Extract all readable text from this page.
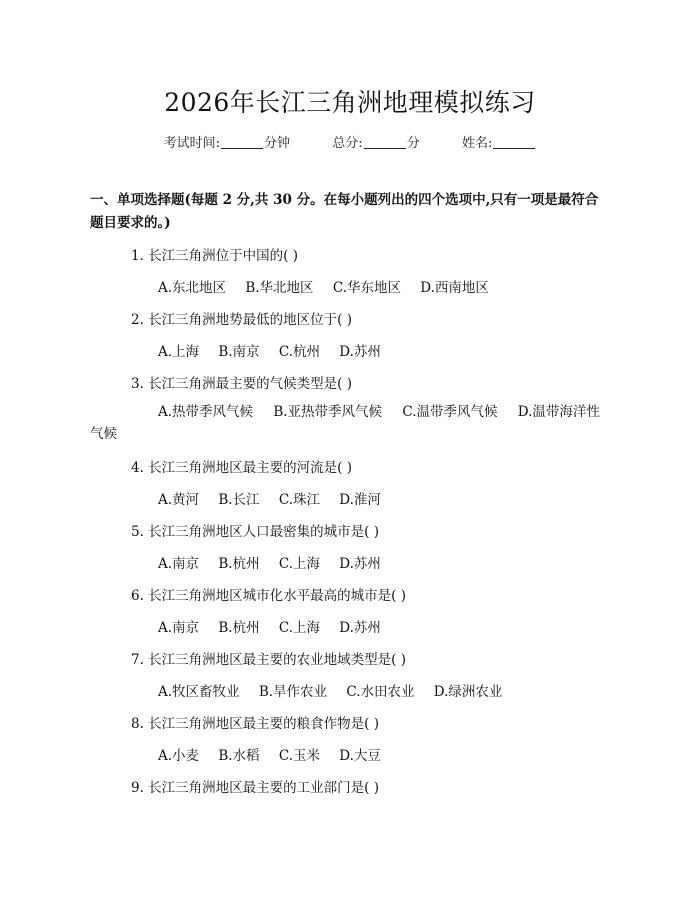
2026年长江三角洲地理模拟练习
考试时间:	分钟	总分:	分	姓名:
一、单项选择题(每题 2 分,共 30 分。在每小题列出的四个选项中,只有一项是最符合题目要求的。)
1. 长江三角洲位于中国的( )
A.东北地区 B.华北地区 C.华东地区 D.西南地区
2. 长江三角洲地势最低的地区位于( )
A.上海 B.南京 C.杭州 D.苏州
3. 长江三角洲最主要的气候类型是( )
A.热带季风气候 B.亚热带季风气候 C.温带季风气候 D.温带海洋性气候
4. 长江三角洲地区最主要的河流是( )
A.黄河 B.长江 C.珠江 D.淮河
5. 长江三角洲地区人口最密集的城市是( )
A.南京 B.杭州 C.上海 D.苏州
6. 长江三角洲地区城市化水平最高的城市是( )
A.南京 B.杭州 C.上海 D.苏州
7. 长江三角洲地区最主要的农业地域类型是( )
A.牧区畜牧业 B.旱作农业 C.水田农业 D.绿洲农业
8. 长江三角洲地区最主要的粮食作物是( )
A.小麦 B.水稻 C.玉米 D.大豆
9. 长江三角洲地区最主要的工业部门是( )
